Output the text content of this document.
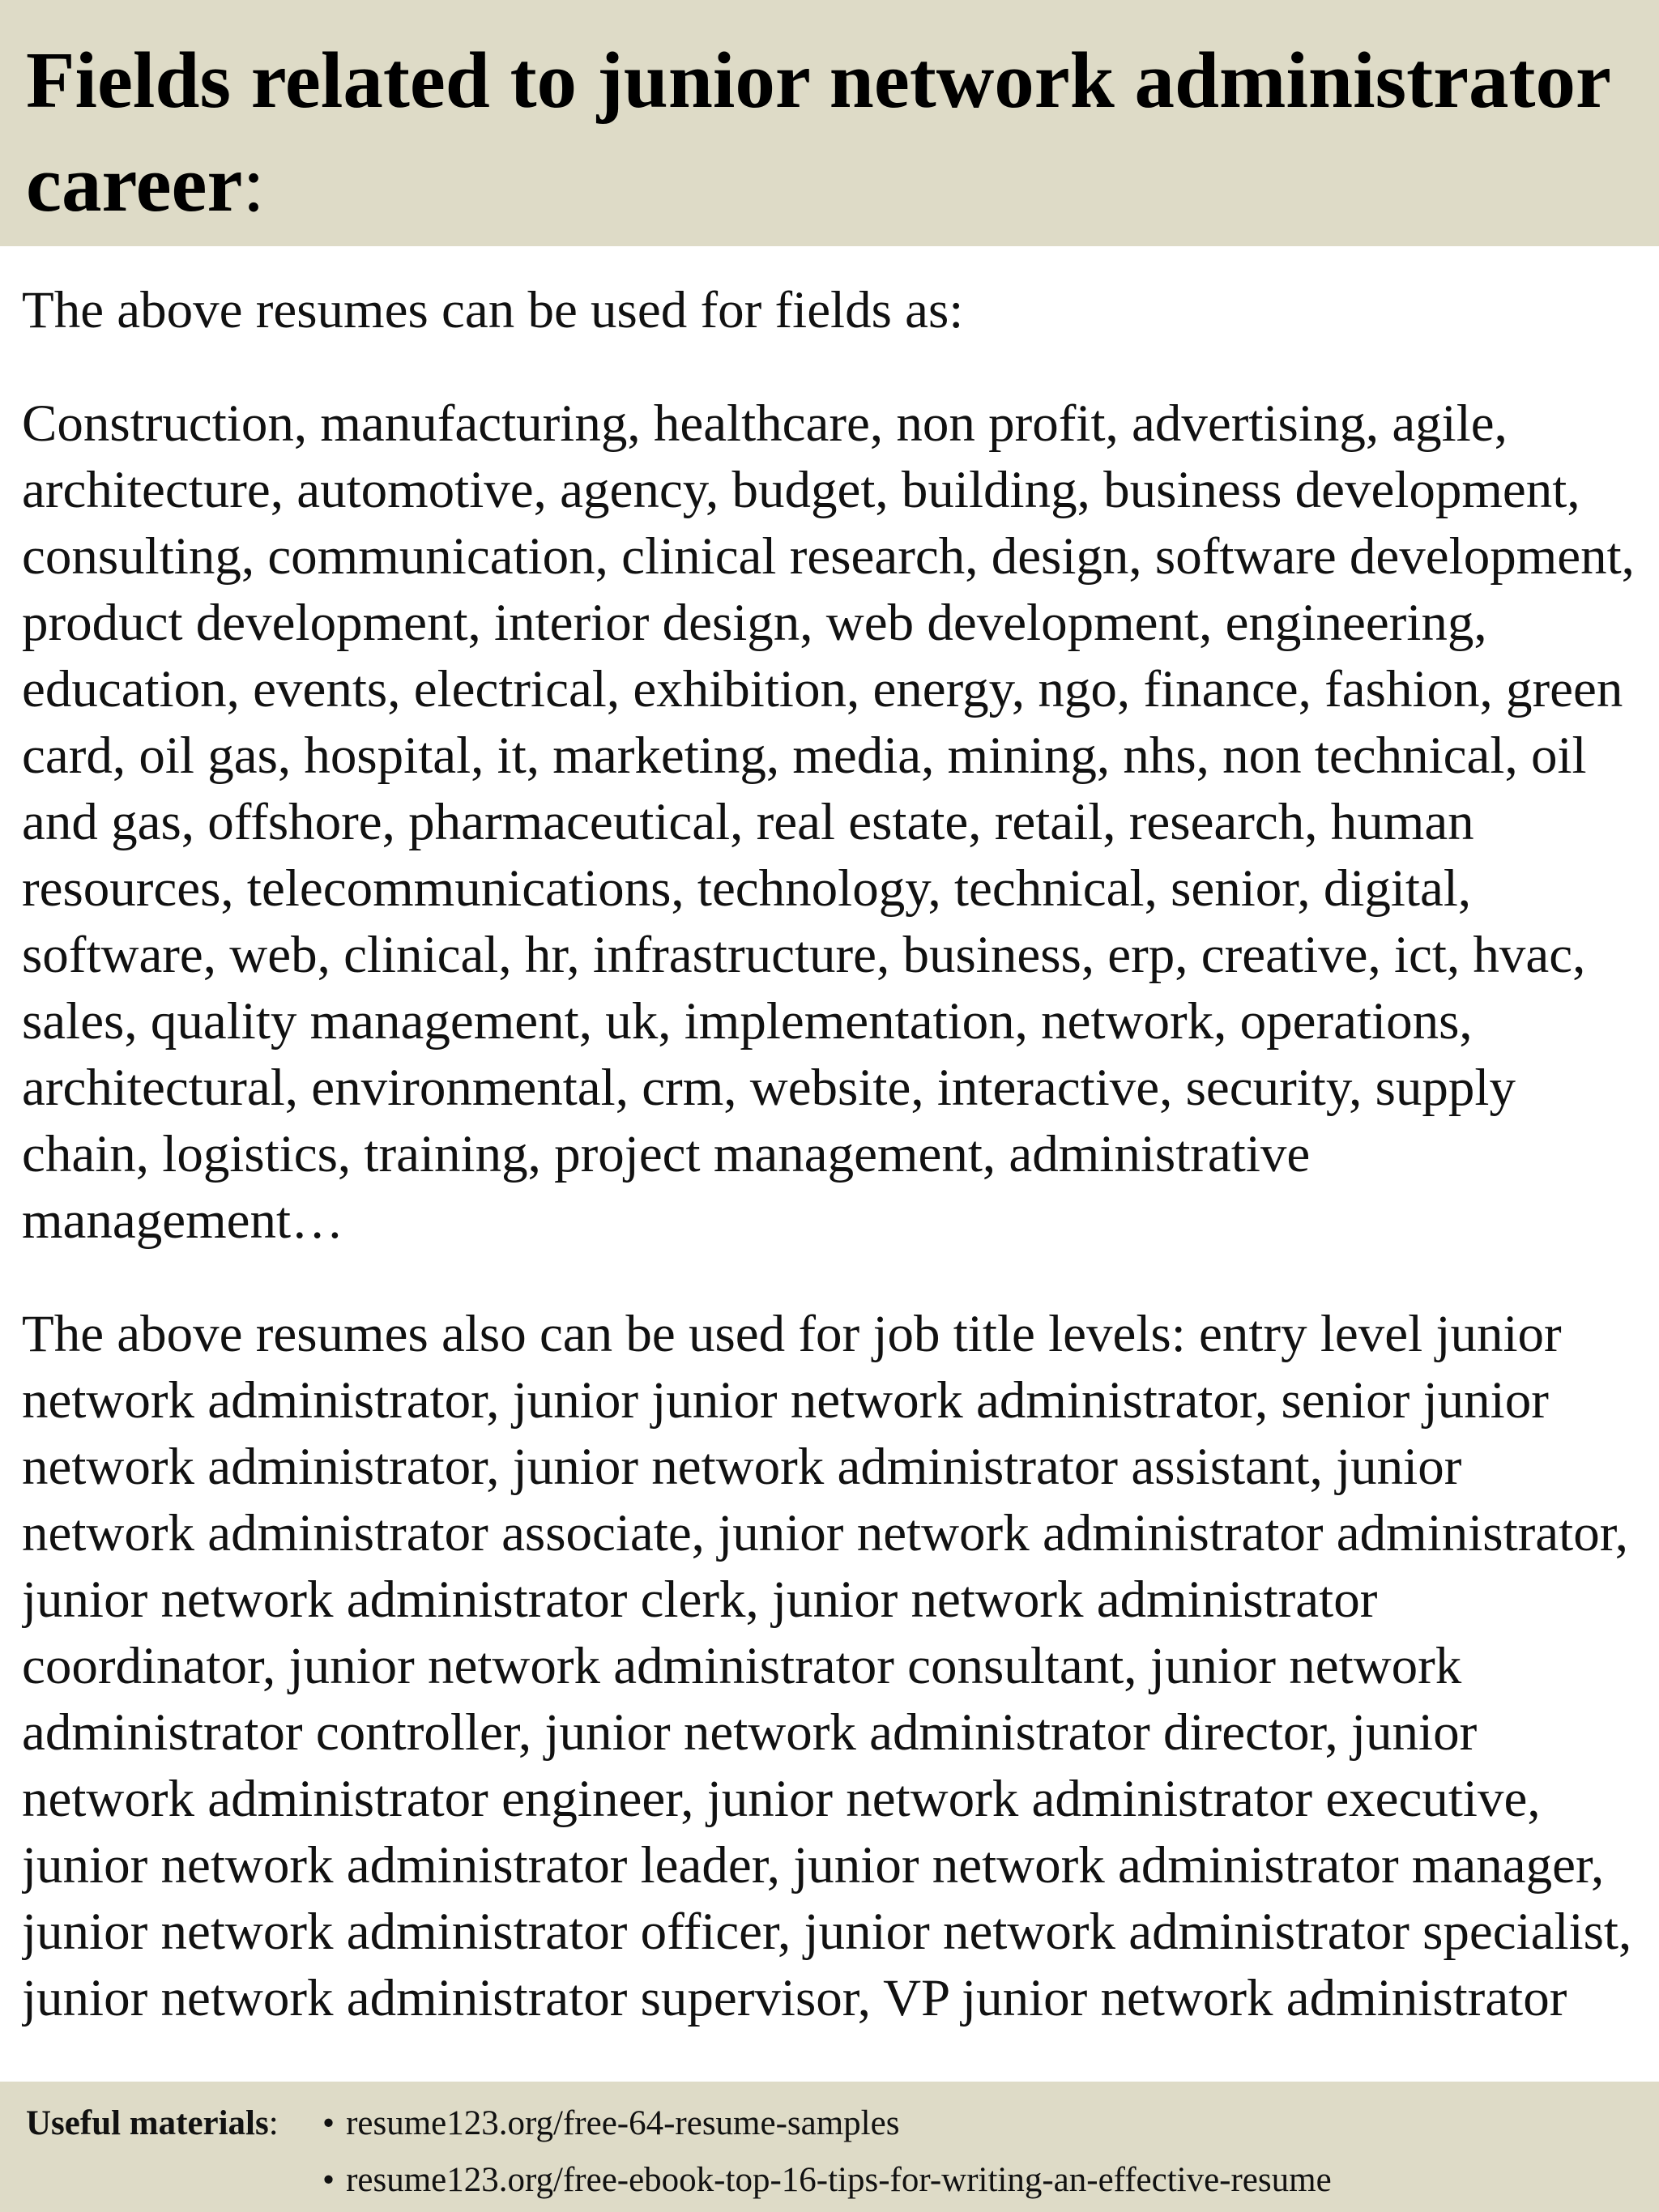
Fields related to junior network administrator career:

The above resumes can be used for fields as:

Construction, manufacturing, healthcare, non profit, advertising, agile, architecture, automotive, agency, budget, building, business development, consulting, communication, clinical research, design, software development, product development, interior design, web development, engineering, education, events, electrical, exhibition, energy, ngo, finance, fashion, green card, oil gas, hospital, it, marketing, media, mining, nhs, non technical, oil and gas, offshore, pharmaceutical, real estate, retail, research, human resources, telecommunications, technology, technical, senior, digital, software, web, clinical, hr, infrastructure, business, erp, creative, ict, hvac, sales, quality management, uk, implementation, network, operations, architectural, environmental, crm, website, interactive, security, supply chain, logistics, training, project management, administrative management…

The above resumes also can be used for job title levels: entry level junior network administrator, junior junior network administrator, senior junior network administrator, junior network administrator assistant, junior network administrator associate, junior network administrator administrator, junior network administrator clerk, junior network administrator coordinator, junior network administrator consultant, junior network administrator controller, junior network administrator director, junior network administrator engineer, junior network administrator executive, junior network administrator leader, junior network administrator manager, junior network administrator officer, junior network administrator specialist, junior network administrator supervisor, VP junior network administrator

Useful materials: • resume123.org/free-64-resume-samples
• resume123.org/free-ebook-top-16-tips-for-writing-an-effective-resume
